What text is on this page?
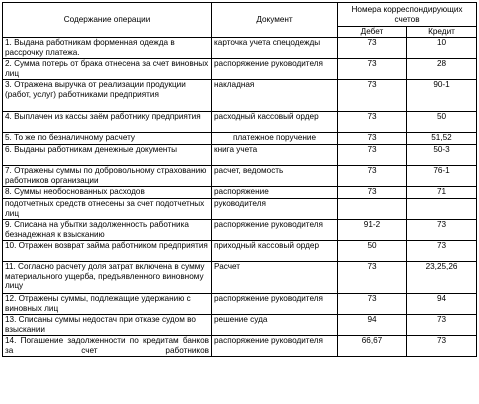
Содержание операции	Документ	Номера корреспондирующих счетов	
		Дебет	Кредит
1. Выдана работникам форменная одежда в рассрочку платежа.	карточка учета спецодежды	73	10
2. Сумма потерь от брака отнесена за счет виновных лиц	распоряжение руководителя	73	28
3. Отражена выручка от реализации продукции (работ, услуг) работниками предприятия	накладная	73	90-1
4. Выплачен из кассы заём работнику предприятия	расходный кассовый ордер	73	50
5. То же по безналичному расчету	платежное поручение	73	51,52
6. Выданы работникам денежные документы	книга учета	73	50-3
7. Отражены суммы по добровольному страхованию работников организации	расчет, ведомость	73	76-1
8. Суммы необоснованных расходов	распоряжение	73	71
подотчетных средств отнесены за счет подотчетных лиц	руководителя		
9. Списана на убытки задолженность работника безнадежная к взысканию	распоряжение руководителя	91-2	73
10. Отражен возврат займа работником предприятия	приходный кассовый ордер	50	73
11. Согласно расчету доля затрат включена в сумму материального ущерба, предъявленного виновному лицу	Расчет	73	23,25,26
12. Отражены суммы, подлежащие удержанию с виновных лиц	распоряжение руководителя	73	94
13. Списаны суммы недостач при отказе судом во взыскании	решение суда	94	73
14. Погашение задолженности по кредитам банков за счет работников	распоряжение руководителя	66,67	73
